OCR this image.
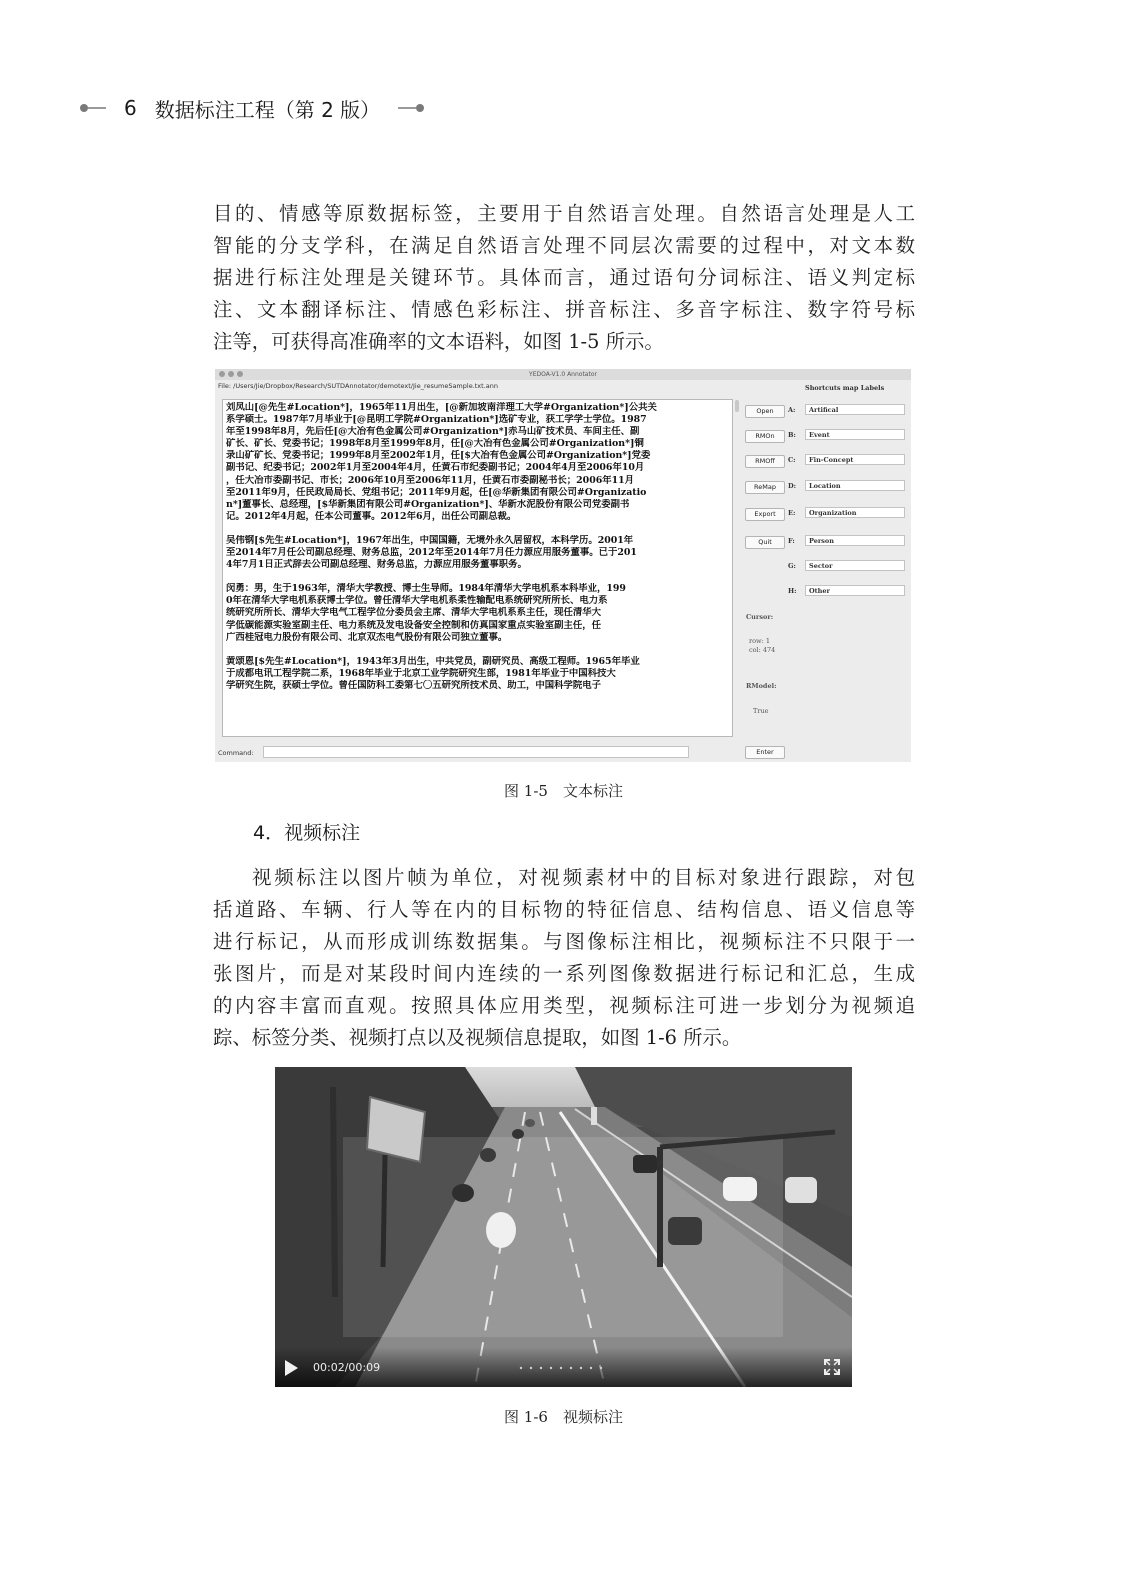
6 数据标注工程（第 2 版）
目的、情感等原数据标签，主要用于自然语言处理。自然语言处理是人工
智能的分支学科，在满足自然语言处理不同层次需要的过程中，对文本数
据进行标注处理是关键环节。具体而言，通过语句分词标注、语义判定标
注、文本翻译标注、情感色彩标注、拼音标注、多音字标注、数字符号标
注等，可获得高准确率的文本语料，如图 1-5 所示。
YEDOA-V1.0 Annotator
File: /Users/Jie/Dropbox/Research/SUTDAnnotator/demotext/Jie_resumeSample.txt.ann	Shortcuts map Labels

刘凤山[@先生#Location*]，1965年11月出生，[@新加坡南洋理工大学#Organization*]公共关
系学硕士。1987年7月毕业于[@昆明工学院#Organization*]选矿专业，获工学学士学位。1987
年至1998年8月，先后任[@大冶有色金属公司#Organization*]赤马山矿技术员、车间主任、副
矿长、矿长、党委书记；1998年8月至1999年8月，任[@大冶有色金属公司#Organization*]铜
录山矿矿长、党委书记；1999年8月至2002年1月，任[$大冶有色金属公司#Organization*]党委
副书记、纪委书记；2002年1月至2004年4月，任黄石市纪委副书记；2004年4月至2006年10月
，任大冶市委副书记、市长；2006年10月至2006年11月，任黄石市委副秘书长；2006年11月
至2011年9月，任民政局局长、党组书记；2011年9月起，任[@华新集团有限公司#Organizatio
n*]董事长、总经理，[$华新集团有限公司#Organization*]、华新水泥股份有限公司党委副书
记。2012年4月起，任本公司董事。2012年6月，出任公司副总裁。

吴伟钢[$先生#Location*]，1967年出生，中国国籍，无境外永久居留权，本科学历。2001年
至2014年7月任公司副总经理、财务总监，2012年至2014年7月任力源应用服务董事。已于201
4年7月1日正式辞去公司副总经理、财务总监，力源应用服务董事职务。

闵勇：男，生于1963年，清华大学教授、博士生导师。1984年清华大学电机系本科毕业，199
0年在清华大学电机系获博士学位。曾任清华大学电机系柔性输配电系统研究所所长、电力系
统研究所所长、清华大学电气工程学位分委员会主席、清华大学电机系系主任，现任清华大
学低碳能源实验室副主任、电力系统及发电设备安全控制和仿真国家重点实验室副主任，任
广西桂冠电力股份有限公司、北京双杰电气股份有限公司独立董事。

黄颂恩[$先生#Location*]，1943年3月出生，中共党员，副研究员、高级工程师。1965年毕业
于成都电讯工程学院二系，1968年毕业于北京工业学院研究生部，1981年毕业于中国科技大
学研究生院，获硕士学位。曾任国防科工委第七〇五研究所技术员、助工，中国科学院电子

Open
RMOn
RMOff
ReMap
Export
Quit
A:	Artifical
B:	Event
C:	Fin-Concept
D:	Location
E:	Organization
F:	Person
G:	Sector
H:	Other
Cursor:
row: 1
col: 474
RModel:
True
Command:	Enter
图 1-5　文本标注
4．视频标注
视频标注以图片帧为单位，对视频素材中的目标对象进行跟踪，对包
括道路、车辆、行人等在内的目标物的特征信息、结构信息、语义信息等
进行标记，从而形成训练数据集。与图像标注相比，视频标注不只限于一
张图片，而是对某段时间内连续的一系列图像数据进行标记和汇总，生成
的内容丰富而直观。按照具体应用类型，视频标注可进一步划分为视频追
踪、标签分类、视频打点以及视频信息提取，如图 1-6 所示。
00:02/00:09
图 1-6　视频标注
